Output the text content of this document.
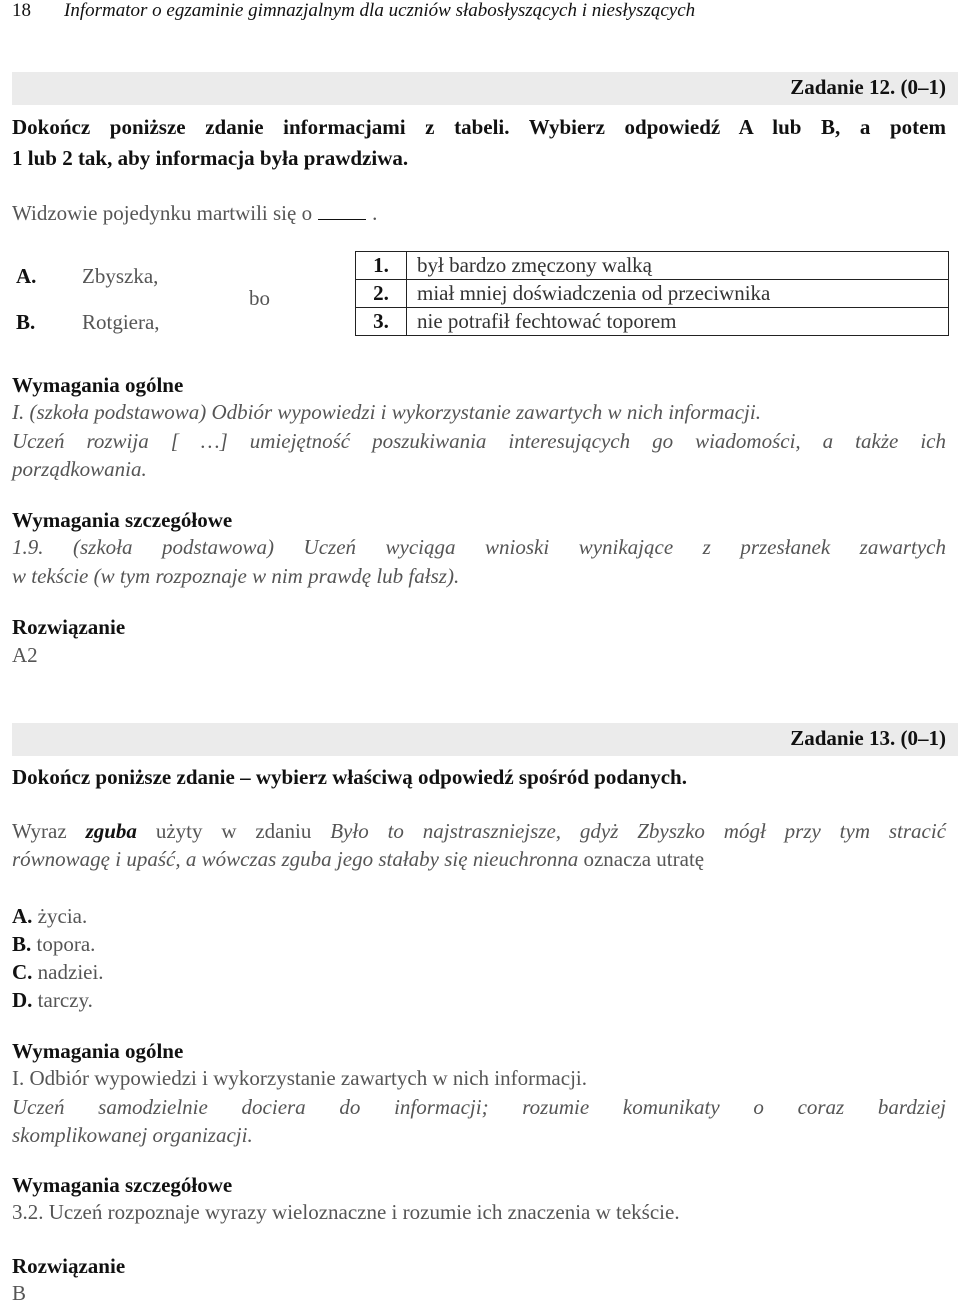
18 Informator o egzaminie gimnazjalnym dla uczniów słabosłyszących i niesłyszących
Zadanie 12. (0–1)
Dokończ poniższe zdanie informacjami z tabeli. Wybierz odpowiedź A lub B, a potem
1 lub 2 tak, aby informacja była prawdziwa.
Widzowie pojedynku martwili się o	.
A. Zbyszka,
B. Rotgiera,
bo
1.	był bardzo zmęczony walką
2.	miał mniej doświadczenia od przeciwnika
3.	nie potrafił fechtować toporem
Wymagania ogólne
I. (szkoła podstawowa) Odbiór wypowiedzi i wykorzystanie zawartych w nich informacji.
Uczeń rozwija [ …] umiejętność poszukiwania interesujących go wiadomości, a także ich
porządkowania.
Wymagania szczegółowe
1.9. (szkoła podstawowa) Uczeń wyciąga wnioski wynikające z przesłanek zawartych
w tekście (w tym rozpoznaje w nim prawdę lub fałsz).
Rozwiązanie
A2
Zadanie 13. (0–1)
Dokończ poniższe zdanie – wybierz właściwą odpowiedź spośród podanych.
Wyraz zguba użyty w zdaniu Było to najstraszniejsze, gdyż Zbyszko mógł przy tym stracić
równowagę i upaść, a wówczas zguba jego stałaby się nieuchronna oznacza utratę
A. życia.
B. topora.
C. nadziei.
D. tarczy.
Wymagania ogólne
I. Odbiór wypowiedzi i wykorzystanie zawartych w nich informacji.
Uczeń samodzielnie dociera do informacji; rozumie komunikaty o coraz bardziej
skomplikowanej organizacji.
Wymagania szczegółowe
3.2. Uczeń rozpoznaje wyrazy wieloznaczne i rozumie ich znaczenia w tekście.
Rozwiązanie
B
